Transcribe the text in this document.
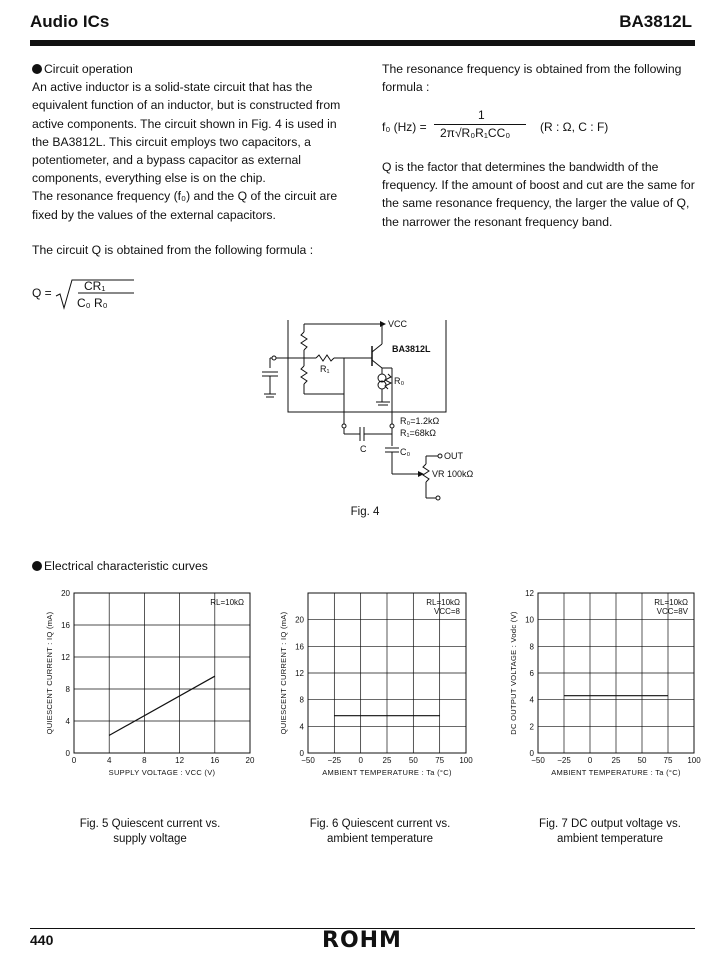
Audio ICs	BA3812L

Circuit operation

An active inductor is a solid-state circuit that has the equivalent function of an inductor, but is constructed from active components. The circuit shown in Fig. 4 is used in the BA3812L. This circuit employs two capacitors, a potentiometer, and a bypass capacitor as external components, everything else is on the chip.

The resonance frequency (f₀) and the Q of the circuit are fixed by the values of the external capacitors.

The circuit Q is obtained from the following formula :
Q =	CR₁
C₀ R₀

The resonance frequency is obtained from the following formula :

f₀ (Hz) =
1
2π√R₀R₁CC₀ (R : Ω, C : F)
Q is the factor that determines the bandwidth of the frequency. If the amount of boost and cut are the same for the same resonance frequency, the larger the value of Q, the narrower the resonant frequency band.
VCC
BA3812L
R₁
R₀
R₀=1.2kΩ
R₁=68kΩ
C	C₀	OUT
VR 100kΩ
Fig. 4
Electrical characteristic curves
0	4	8	12	16	20
0
4
8
12
16
20
SUPPLY VOLTAGE : VCC (V)
QUIESCENT CURRENT : IQ (mA)
RL=10kΩ
−50 −25 0 25 50 75 100
0
4
8
12
16
20
AMBIENT TEMPERATURE : Ta (°C)
QUIESCENT CURRENT : IQ (mA)
RL=10kΩ
VCC=8
−50 −25 0 25 50 75 100
0
2
4
6
8
10
12
AMBIENT TEMPERATURE : Ta (°C)
DC OUTPUT VOLTAGE : Vodc (V)
RL=10kΩ
VCC=8V
Fig. 5 Quiescent current vs.
supply voltage
Fig. 6 Quiescent current vs.
ambient temperature
Fig. 7 DC output voltage vs.
ambient temperature
440	ROHM
